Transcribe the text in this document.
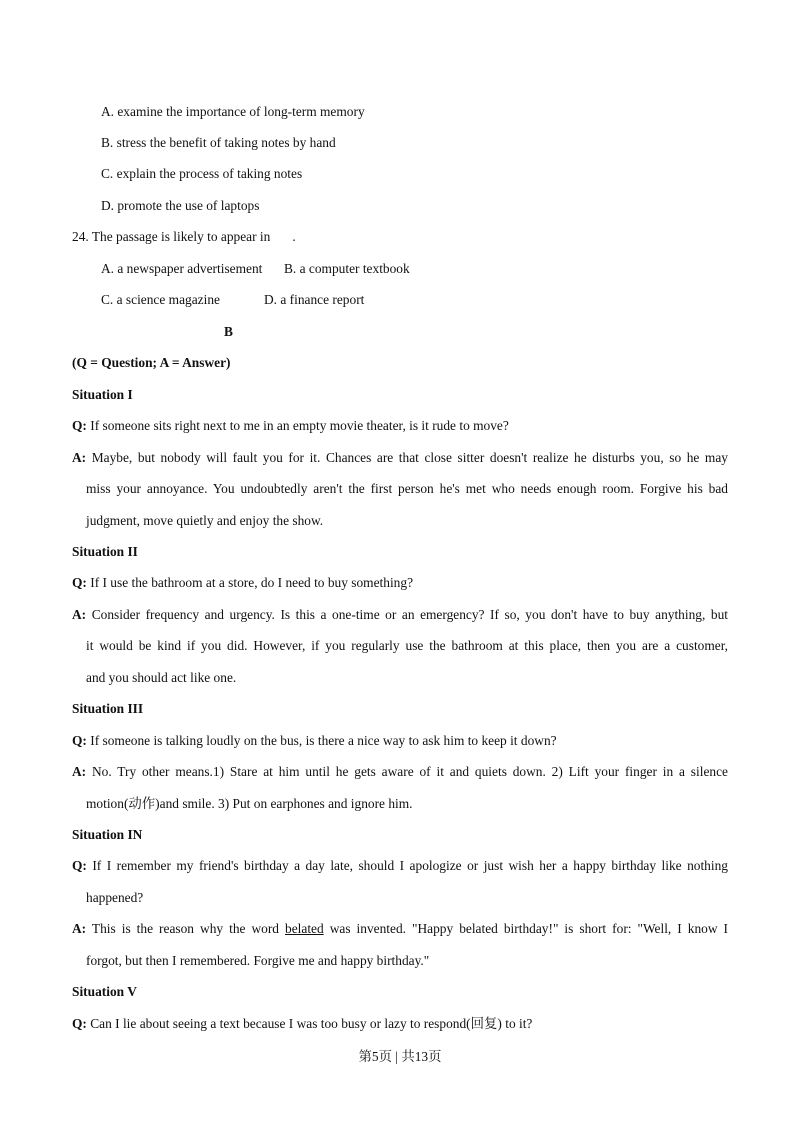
A. examine the importance of long-term memory
B. stress the benefit of taking notes by hand
C. explain the process of taking notes
D. promote the use of laptops
24. The passage is likely to appear in .
A. a newspaper advertisement B. a computer textbook
C. a science magazine	D. a finance report
B
(Q = Question; A = Answer)
Situation I
Q: If someone sits right next to me in an empty movie theater, is it rude to move?
A: Maybe, but nobody will fault you for it. Chances are that close sitter doesn't realize he disturbs you, so he may
miss your annoyance. You undoubtedly aren't the first person he's met who needs enough room. Forgive his bad
judgment, move quietly and enjoy the show.
Situation II
Q: If I use the bathroom at a store, do I need to buy something?
A: Consider frequency and urgency. Is this a one-time or an emergency? If so, you don't have to buy anything, but
it would be kind if you did. However, if you regularly use the bathroom at this place, then you are a customer,
and you should act like one.
Situation III
Q: If someone is talking loudly on the bus, is there a nice way to ask him to keep it down?
A: No. Try other means.1) Stare at him until he gets aware of it and quiets down. 2) Lift your finger in a silence
motion(动作)and smile. 3) Put on earphones and ignore him.
Situation IN
Q: If I remember my friend's birthday a day late, should I apologize or just wish her a happy birthday like nothing
happened?
A: This is the reason why the word belated was invented. "Happy belated birthday!" is short for: "Well, I know I
forgot, but then I remembered. Forgive me and happy birthday."
Situation V
Q: Can I lie about seeing a text because I was too busy or lazy to respond(回复) to it?
第5页 | 共13页
